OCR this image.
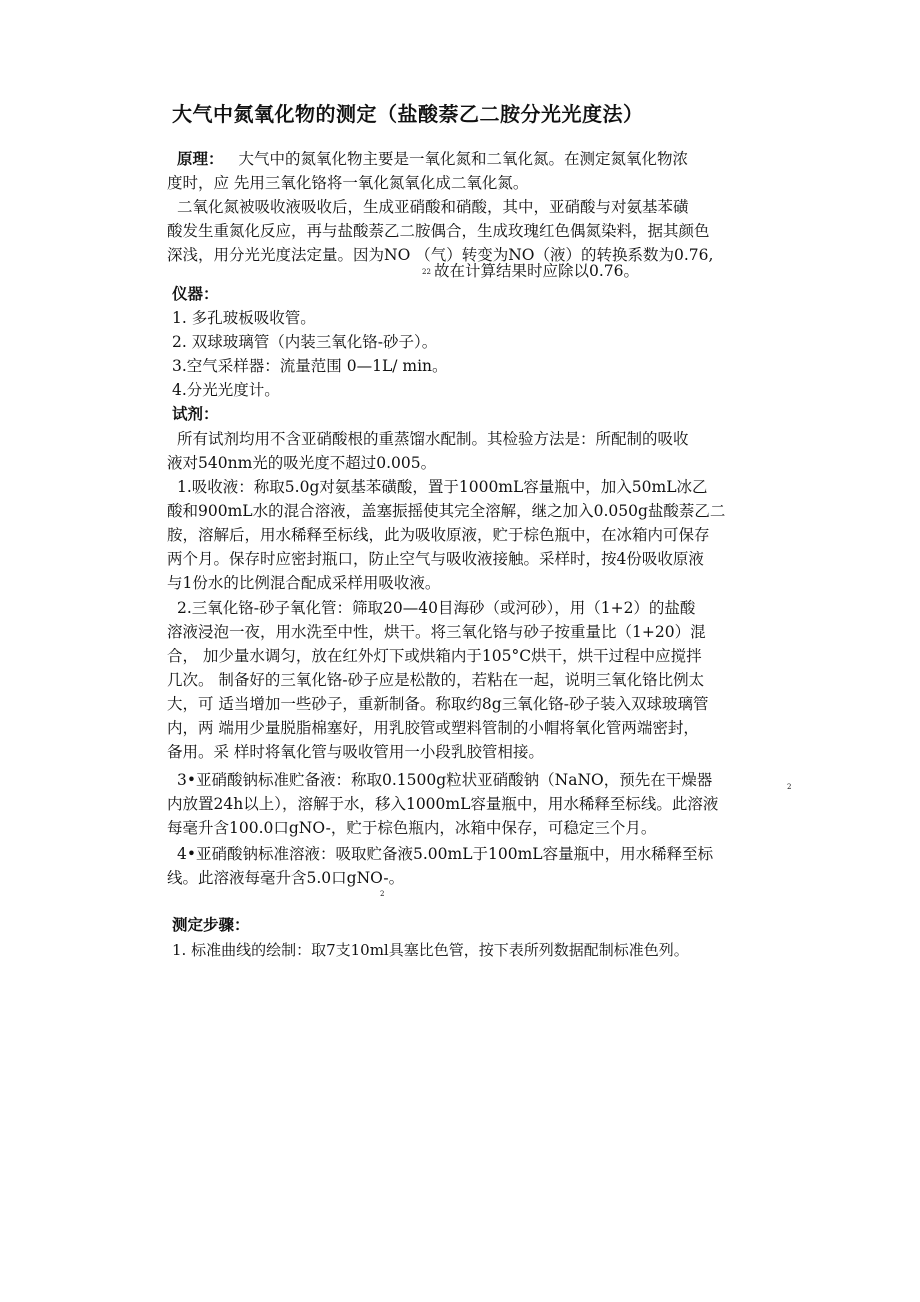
大气中氮氧化物的测定（盐酸萘乙二胺分光光度法）
原理： 大气中的氮氧化物主要是一氧化氮和二氧化氮。在测定氮氧化物浓
度时，应 先用三氧化铬将一氧化氮氧化成二氧化氮。
二氧化氮被吸收液吸收后，生成亚硝酸和硝酸，其中，亚硝酸与对氨基苯磺
酸发生重氮化反应，再与盐酸萘乙二胺偶合，生成玫瑰红色偶氮染料，据其颜色
深浅，用分光光度法定量。因为NO （气）转变为NO（液）的转换系数为0.76,
22 故在计算结果时应除以0.76。
仪器：
1. 多孔玻板吸收管。
2. 双球玻璃管（内装三氧化铬-砂子）。
3.空气采样器：流量范围 0—1L/ min。
4.分光光度计。
试剂：
所有试剂均用不含亚硝酸根的重蒸馏水配制。其检验方法是：所配制的吸收
液对540nm光的吸光度不超过0.005。
1.吸收液：称取5.0g对氨基苯磺酸，置于1000mL容量瓶中，加入50mL冰乙
酸和900mL水的混合溶液，盖塞振摇使其完全溶解，继之加入0.050g盐酸萘乙二
胺，溶解后，用水稀释至标线，此为吸收原液，贮于棕色瓶中，在冰箱内可保存
两个月。保存时应密封瓶口，防止空气与吸收液接触。采样时，按4份吸收原液
与1份水的比例混合配成采样用吸收液。
2.三氧化铬-砂子氧化管：筛取20—40目海砂（或河砂），用（1+2）的盐酸
溶液浸泡一夜，用水洗至中性，烘干。将三氧化铬与砂子按重量比（1+20）混
合， 加少量水调匀，放在红外灯下或烘箱内于105°C烘干，烘干过程中应搅拌
几次。 制备好的三氧化铬-砂子应是松散的，若粘在一起，说明三氧化铬比例太
大，可 适当增加一些砂子，重新制备。称取约8g三氧化铬-砂子装入双球玻璃管
内，两 端用少量脱脂棉塞好，用乳胶管或塑料管制的小帽将氧化管两端密封，
备用。采 样时将氧化管与吸收管用一小段乳胶管相接。
3•亚硝酸钠标准贮备液：称取0.1500g粒状亚硝酸钠（NaNO，预先在干燥器	2
内放置24h以上），溶解于水，移入1000mL容量瓶中，用水稀释至标线。此溶液
每毫升含100.0口gNO-，贮于棕色瓶内，冰箱中保存，可稳定三个月。
4•亚硝酸钠标准溶液：吸取贮备液5.00mL于100mL容量瓶中，用水稀释至标
线。此溶液每毫升含5.0口gNO-。
2
测定步骤：
1. 标准曲线的绘制：取7支10ml具塞比色管，按下表所列数据配制标准色列。
